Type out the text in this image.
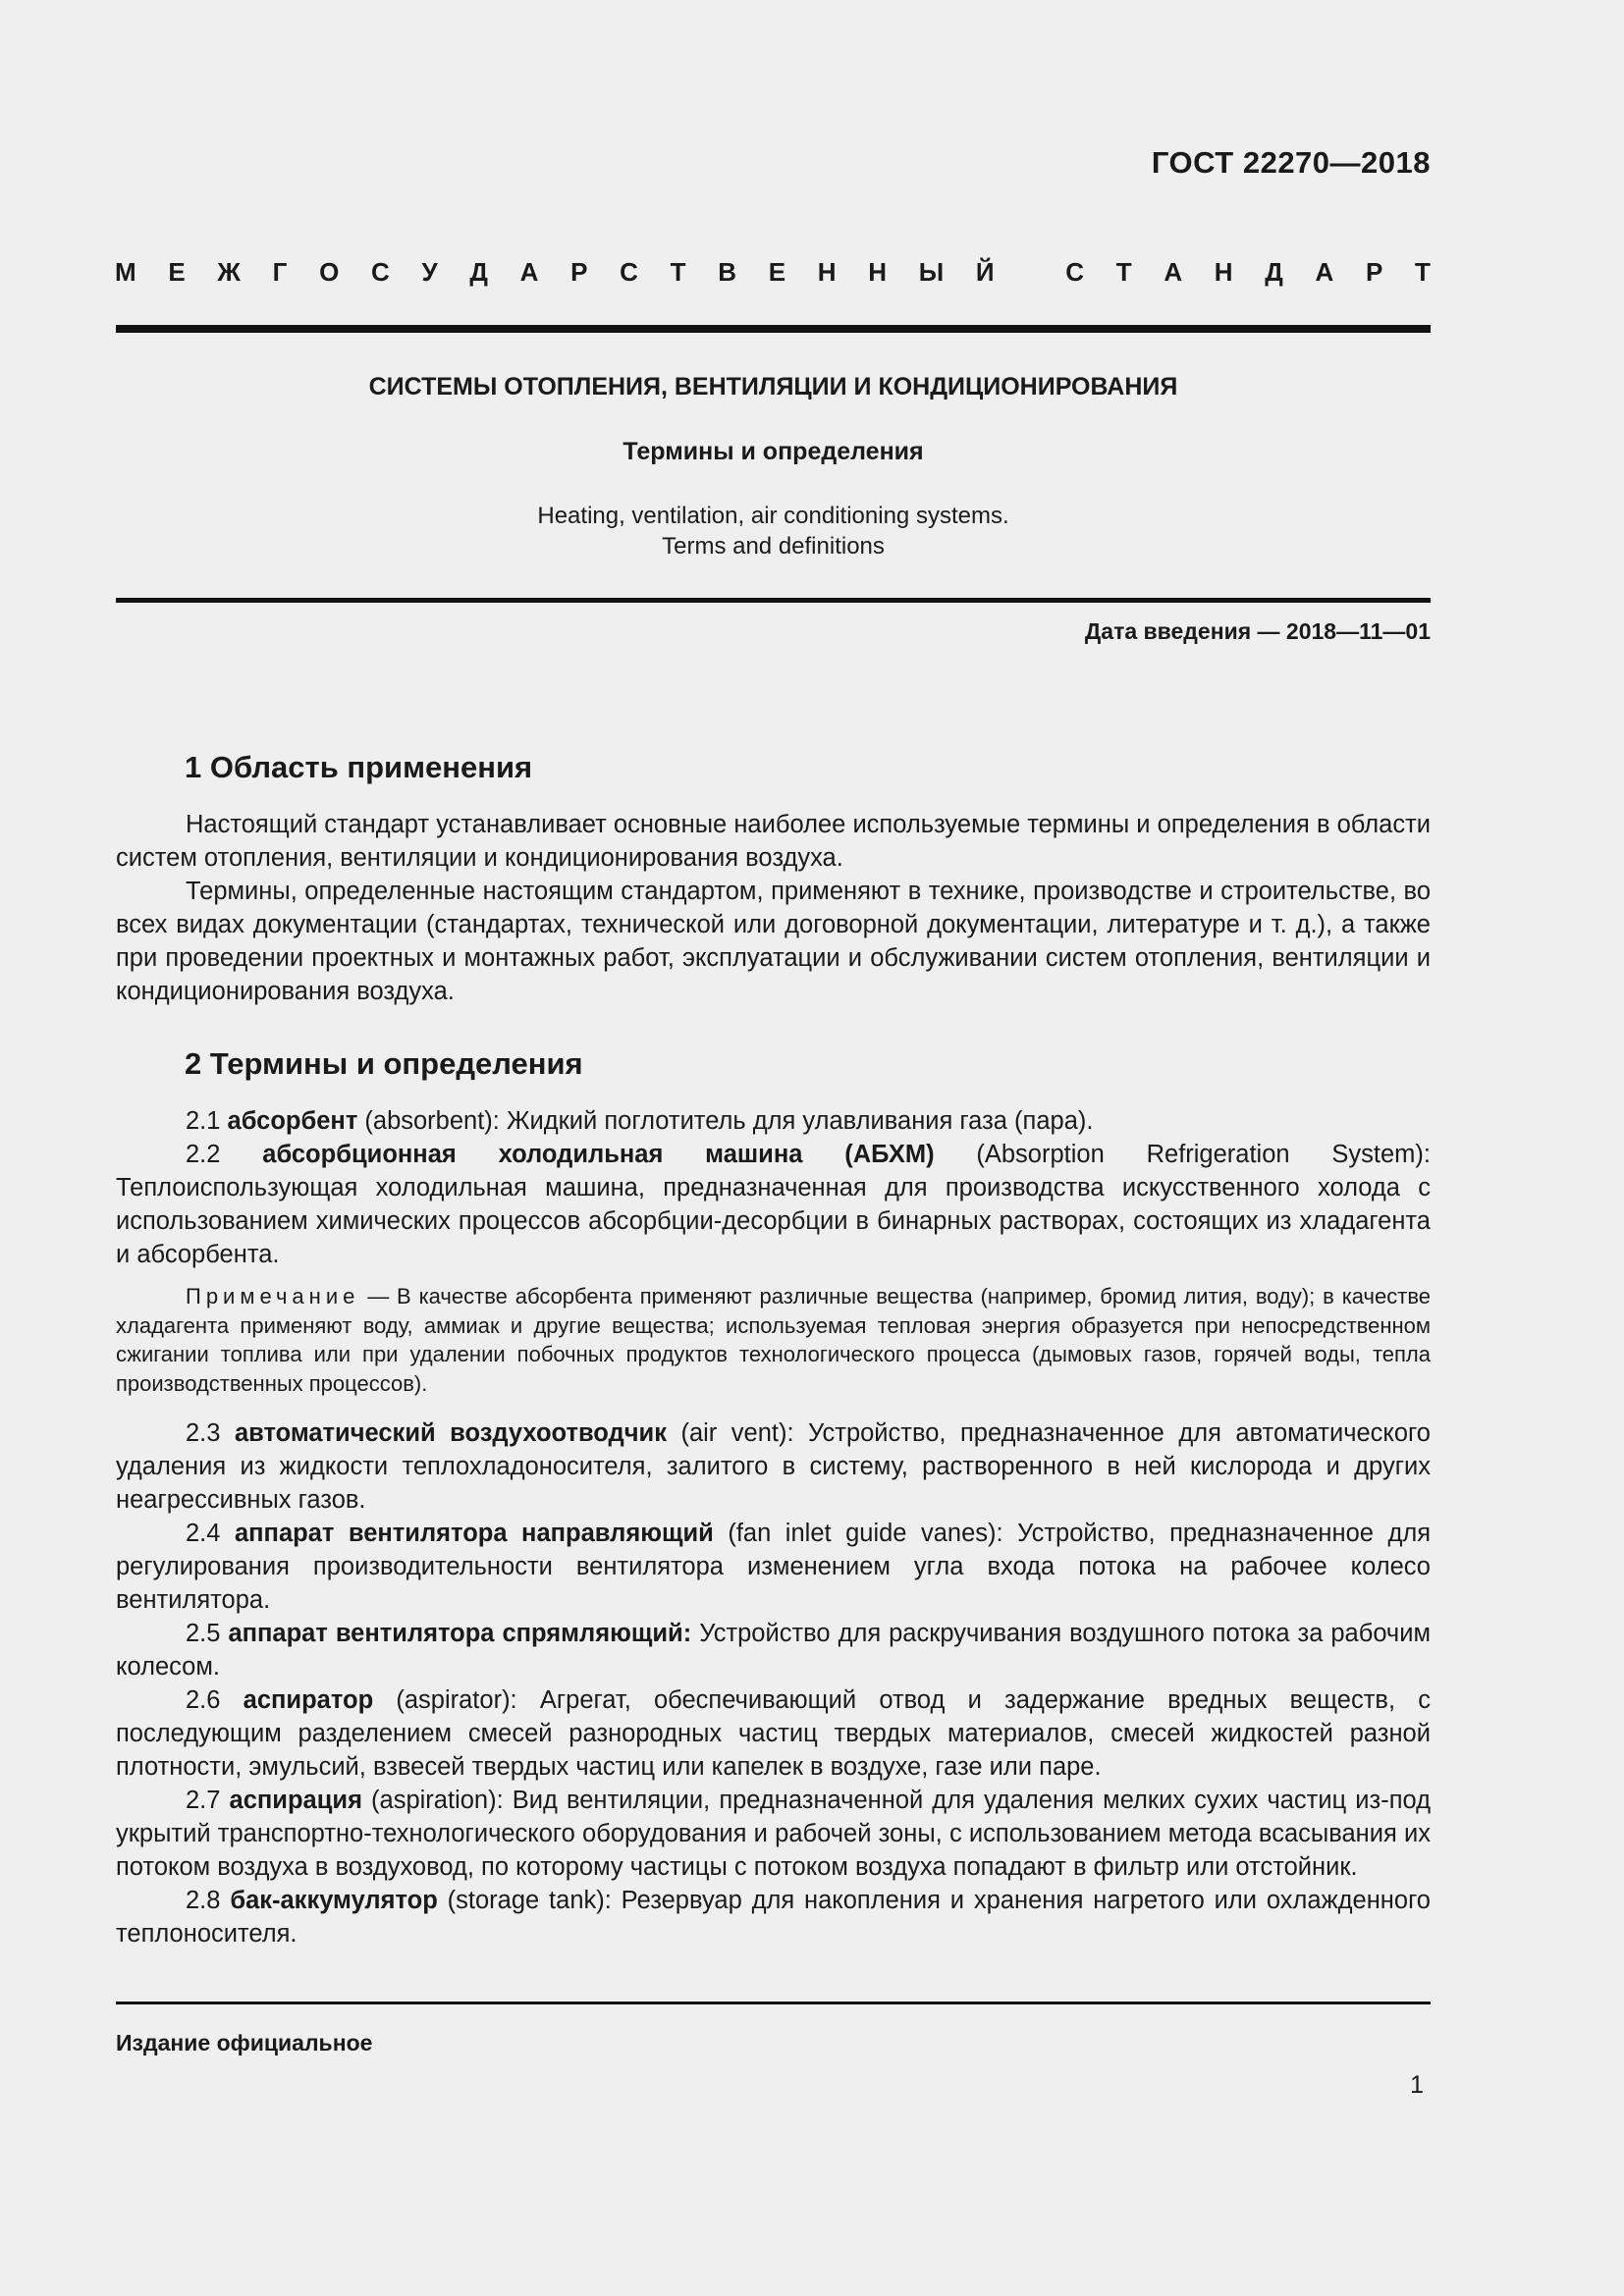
ГОСТ 22270—2018
М Е Ж Г О С У Д А Р С Т В Е Н Н Ы Й
	С Т А Н Д А Р Т
СИСТЕМЫ ОТОПЛЕНИЯ, ВЕНТИЛЯЦИИ И КОНДИЦИОНИРОВАНИЯ
Термины и определения
Heating, ventilation, air conditioning systems.
Terms and definitions
Дата введения — 2018—11—01
1 Область применения

Настоящий стандарт устанавливает основные наиболее используемые термины и определения в области систем отопления, вентиляции и кондиционирования воздуха.

Термины, определенные настоящим стандартом, применяют в технике, производстве и строительстве, во всех видах документации (стандартах, технической или договорной документации, литературе и т. д.), а также при проведении проектных и монтажных работ, эксплуатации и обслуживании систем отопления, вентиляции и кондиционирования воздуха.

2 Термины и определения

2.1 абсорбент (absorbent): Жидкий поглотитель для улавливания газа (пара).

2.2 абсорбционная холодильная машина (АБХМ) (Absorption Refrigeration System): Теплоиспользующая холодильная машина, предназначенная для производства искусственного холода с использованием химических процессов абсорбции-десорбции в бинарных растворах, состоящих из хладагента и абсорбента.

Примечание — В качестве абсорбента применяют различные вещества (например, бромид лития, воду); в качестве хладагента применяют воду, аммиак и другие вещества; используемая тепловая энергия образуется при непосредственном сжигании топлива или при удалении побочных продуктов технологического процесса (дымовых газов, горячей воды, тепла производственных процессов).

2.3 автоматический воздухоотводчик (air vent): Устройство, предназначенное для автоматического удаления из жидкости теплохладоносителя, залитого в систему, растворенного в ней кислорода и других неагрессивных газов.

2.4 аппарат вентилятора направляющий (fan inlet guide vanes): Устройство, предназначенное для регулирования производительности вентилятора изменением угла входа потока на рабочее колесо вентилятора.

2.5 аппарат вентилятора спрямляющий: Устройство для раскручивания воздушного потока за рабочим колесом.

2.6 аспиратор (aspirator): Агрегат, обеспечивающий отвод и задержание вредных веществ, с последующим разделением смесей разнородных частиц твердых материалов, смесей жидкостей разной плотности, эмульсий, взвесей твердых частиц или капелек в воздухе, газе или паре.

2.7 аспирация (aspiration): Вид вентиляции, предназначенной для удаления мелких сухих частиц из-под укрытий транспортно-технологического оборудования и рабочей зоны, с использованием метода всасывания их потоком воздуха в воздуховод, по которому частицы с потоком воздуха попадают в фильтр или отстойник.

2.8 бак-аккумулятор (storage tank): Резервуар для накопления и хранения нагретого или охлажденного теплоносителя.

Издание официальное
1
